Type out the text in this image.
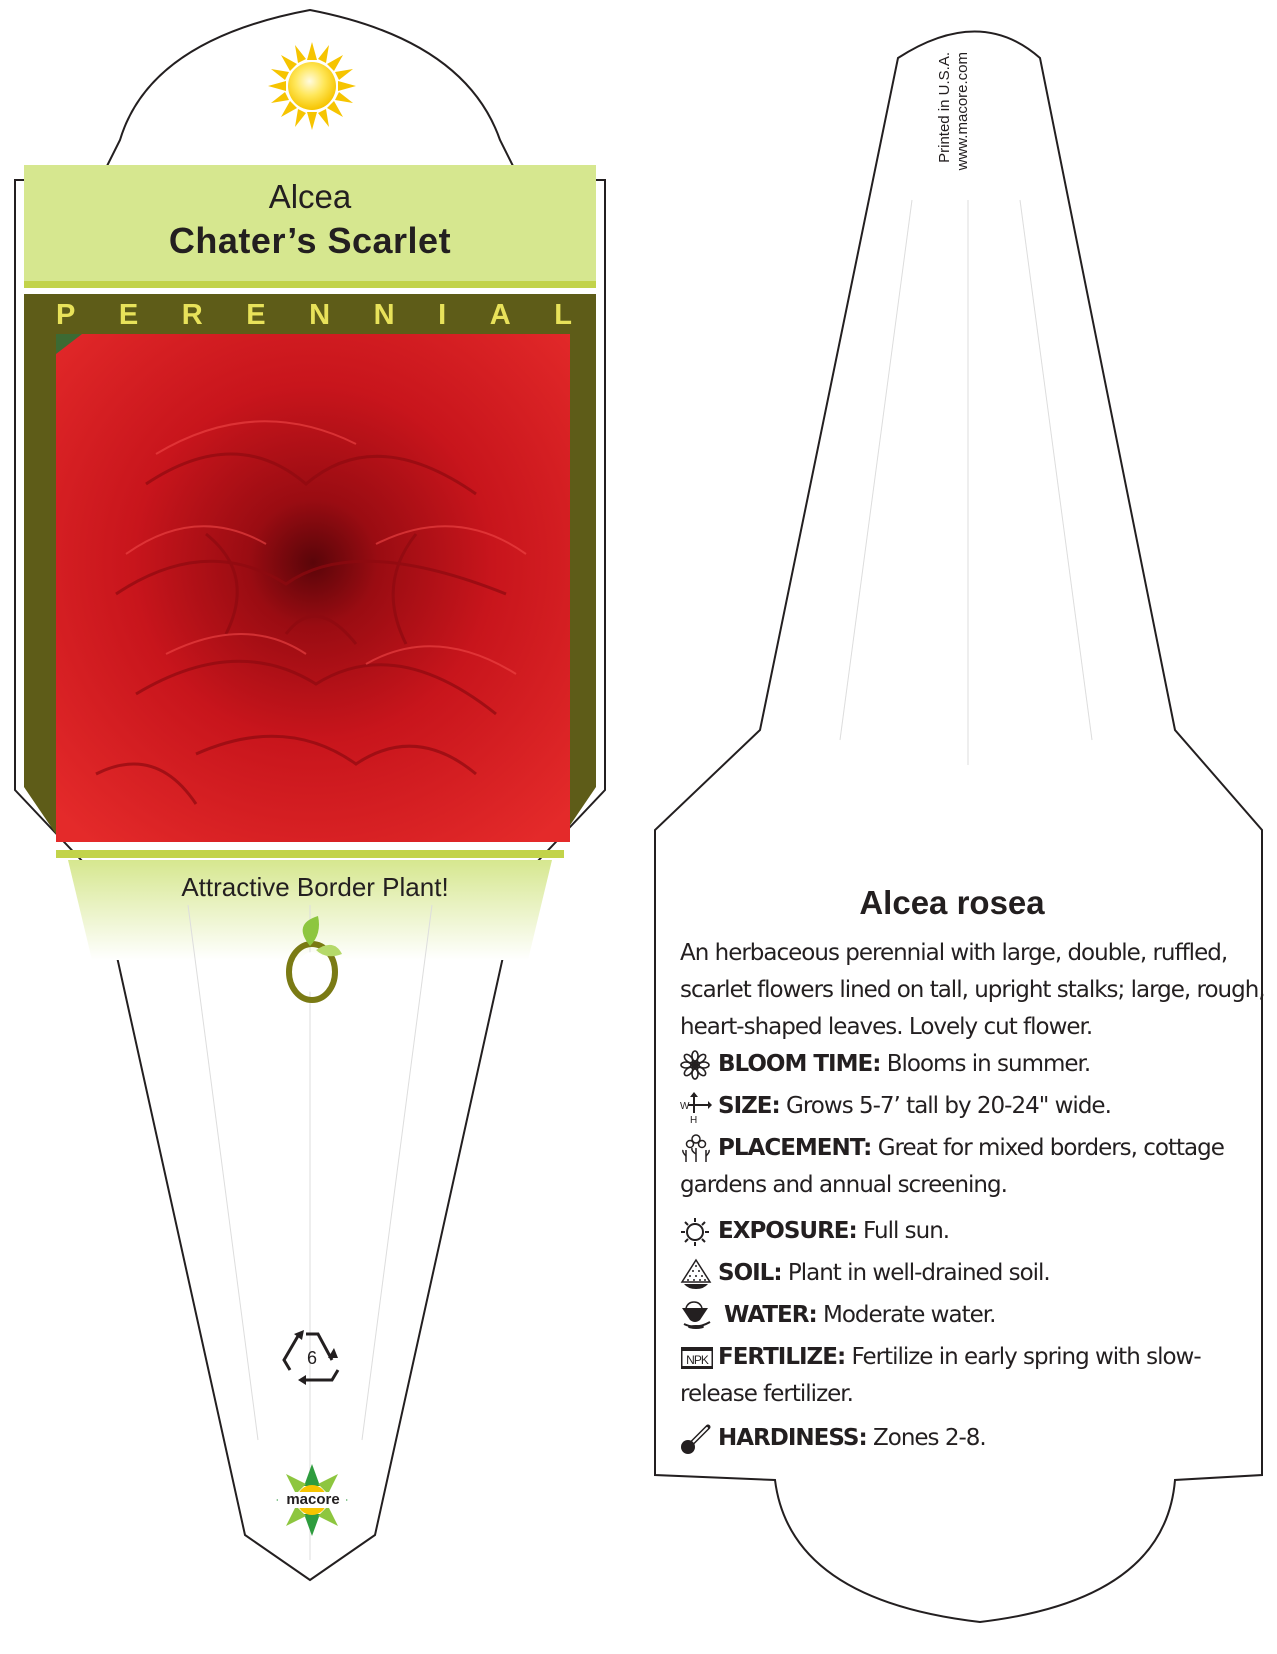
Alcea
Chater’s Scarlet
P E R E N N I A L
Attractive Border Plant!
6
macore
Printed in U.S.A. www.macore.com
Alcea rosea
An herbaceous perennial with large, double, ruffled, scarlet flowers lined on tall, upright stalks; large, rough, heart-shaped leaves. Lovely cut flower.
BLOOM TIME: Blooms in summer.
W
H
SIZE: Grows 5-7’ tall by 20-24" wide.
PLACEMENT: Great for mixed borders, cottage gardens and annual screening.
EXPOSURE: Full sun.
SOIL: Plant in well-drained soil.
WATER: Moderate water.
NPK FERTILIZE: Fertilize in early spring with slow-release fertilizer.
HARDINESS: Zones 2-8.
